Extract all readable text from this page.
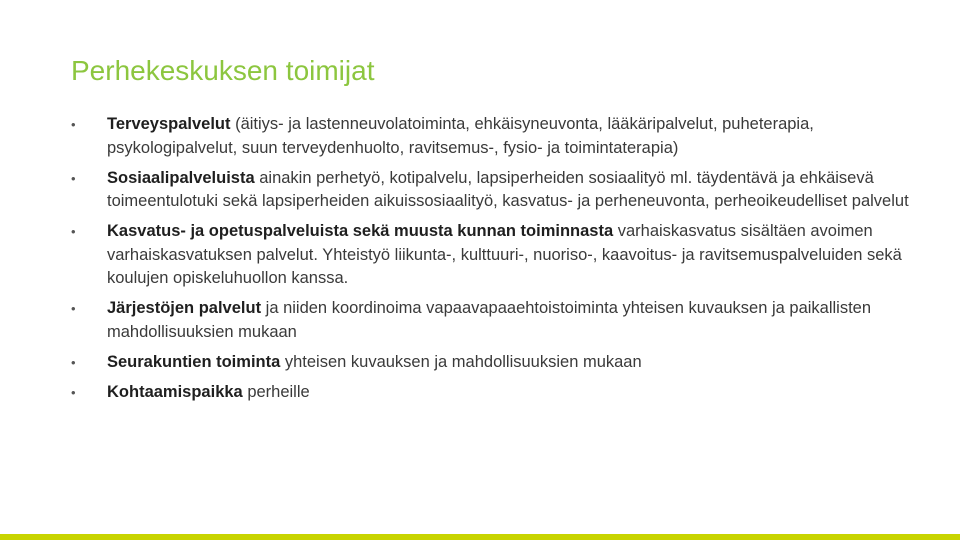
Perhekeskuksen toimijat
•	Terveyspalvelut (äitiys- ja lastenneuvolatoiminta, ehkäisyneuvonta, lääkäripalvelut, puheterapia, psykologipalvelut, suun terveydenhuolto, ravitsemus-, fysio- ja toimintaterapia)
•	Sosiaalipalveluista ainakin perhetyö, kotipalvelu, lapsiperheiden sosiaalityö ml. täydentävä ja ehkäisevä toimeentulotuki sekä lapsiperheiden aikuissosiaalityö, kasvatus- ja perheneuvonta, perheoikeudelliset palvelut
•	Kasvatus- ja opetuspalveluista sekä muusta kunnan toiminnasta varhaiskasvatus sisältäen avoimen varhaiskasvatuksen palvelut. Yhteistyö liikunta-, kulttuuri-, nuoriso-, kaavoitus- ja ravitsemuspalveluiden sekä koulujen opiskeluhuollon kanssa.
•	Järjestöjen palvelut ja niiden koordinoima vapaavapaaehtoistoiminta yhteisen kuvauksen ja paikallisten mahdollisuuksien mukaan
•	Seurakuntien toiminta yhteisen kuvauksen ja mahdollisuuksien mukaan
•	Kohtaamispaikka perheille
